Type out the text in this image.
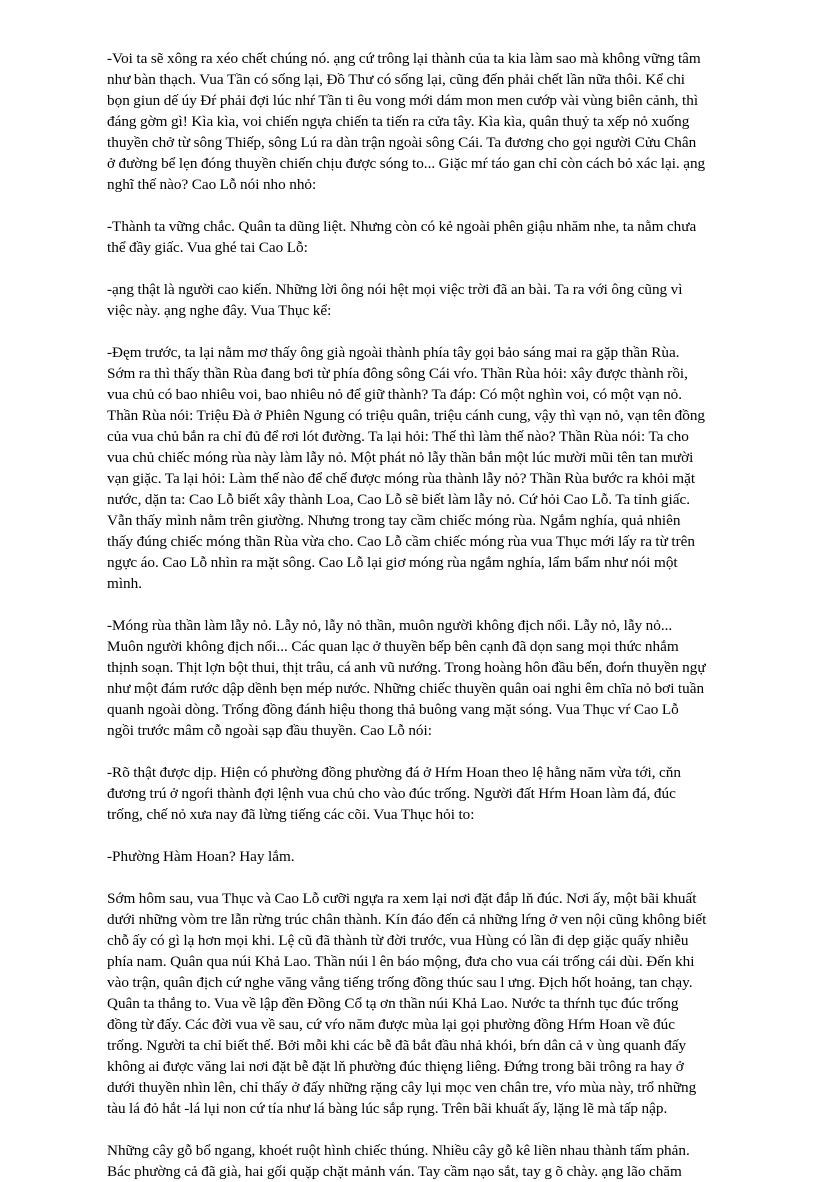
-Voi ta sẽ xông ra xéo chết chúng nó. ạng cứ trông lại thành của ta kia làm sao mà không vững tâm như bàn thạch. Vua Tần có sống lại, Đồ Thư có sống lại, cũng đến phải chết lần nữa thôi. Kể chi bọn giun dế úy Đŕ phải đợi lúc nhŕ Tần ti êu vong mới dám mon men cướp vài vùng biên cảnh, thì đáng gờm gì! Kìa kìa, voi chiến ngựa chiến ta tiến ra cửa tây. Kìa kìa, quân thuỷ ta xếp nỏ xuống thuyền chở từ sông Thiếp, sông Lú ra dàn trận ngoài sông Cái. Ta đương cho gọi người Cửu Chân ở đường bể lẹn đóng thuyền chiến chịu được sóng to... Giặc mŕ táo gan chỉ còn cách bỏ xác lại. ạng nghĩ thế nào? Cao Lỗ nói nho nhỏ:

-Thành ta vững chắc. Quân ta dũng liệt. Nhưng còn có kẻ ngoài phên giậu nhăm nhe, ta nằm chưa thể đầy giấc. Vua ghé tai Cao Lỗ:

-ạng thật là người cao kiến. Những lời ông nói hệt mọi việc trời đã an bài. Ta ra với ông cũng vì việc này. ạng nghe đây. Vua Thục kể:

-Đęm trước, ta lại nằm mơ thấy ông già ngoài thành phía tây gọi bảo sáng mai ra gặp thần Rùa. Sớm ra thì thấy thần Rùa đang bơi từ phía đông sông Cái vŕo. Thần Rùa hỏi: xây được thành rồi, vua chủ có bao nhiêu voi, bao nhiêu nỏ để giữ thành? Ta đáp: Có một nghìn voi, có một vạn nỏ. Thần Rùa nói: Triệu Đà ở Phiên Ngung có triệu quân, triệu cánh cung, vậy thì vạn nỏ, vạn tên đồng của vua chủ bắn ra chỉ đủ để rơi lót đường. Ta lại hỏi: Thế thì làm thế nào? Thần Rùa nói: Ta cho vua chủ chiếc móng rùa này làm lẫy nỏ. Một phát nỏ lẫy thần bắn một lúc mười mũi tên tan mười vạn giặc. Ta lại hỏi: Làm thế nào để chế được móng rùa thành lẫy nỏ? Thần Rùa bước ra khỏi mặt nước, dặn ta: Cao Lỗ biết xây thành Loa, Cao Lỗ sẽ biết làm lẫy nỏ. Cứ hỏi Cao Lỗ. Ta tỉnh giấc. Vẫn thấy mình nằm trên giường. Nhưng trong tay cầm chiếc móng rùa. Ngắm nghía, quả nhiên thấy đúng chiếc móng thần Rùa vừa cho. Cao Lỗ cầm chiếc móng rùa vua Thục mới lấy ra từ trên ngực áo. Cao Lỗ nhìn ra mặt sông. Cao Lỗ lại giơ móng rùa ngắm nghía, lẩm bẩm như nói một mình.

-Móng rùa thần làm lẫy nỏ. Lẫy nỏ, lẫy nỏ thần, muôn người không địch nổi. Lẫy nỏ, lẫy nỏ... Muôn người không địch nổi... Các quan lạc ở thuyền bếp bên cạnh đã dọn sang mọi thức nhắm thịnh soạn. Thịt lợn bột thui, thịt trâu, cá anh vũ nướng. Trong hoàng hôn đầu bến, đoŕn thuyền ngự như một đám rước dập dềnh bẹn mép nước. Những chiếc thuyền quân oai nghi êm chĩa nỏ bơi tuần quanh ngoài dòng. Trống đồng đánh hiệu thong thả buông vang mặt sóng. Vua Thục vŕ Cao Lỗ ngồi trước mâm cỗ ngoài sạp đầu thuyền. Cao Lỗ nói:

-Rõ thật được dịp. Hiện có phường đồng phường đá ở Hŕm Hoan theo lệ hằng năm vừa tới, cňn đương trú ở ngoŕi thành đợi lệnh vua chủ cho vào đúc trống. Người đất Hŕm Hoan làm đá, đúc trống, chế nỏ xưa nay đã lừng tiếng các cõi. Vua Thục hỏi to:

-Phường Hàm Hoan? Hay lắm.

Sớm hôm sau, vua Thục và Cao Lỗ cưỡi ngựa ra xem lại nơi đặt đắp lň đúc. Nơi ấy, một bãi khuất dưới những vòm tre lẫn rừng trúc chân thành. Kín đáo đến cả những lŕng ở ven nội cũng không biết chỗ ấy có gì lạ hơn mọi khi. Lệ cũ đã thành từ đời trước, vua Hùng có lần đi dẹp giặc quấy nhiễu phía nam. Quân qua núi Khả Lao. Thần núi l ên báo mộng, đưa cho vua cái trống cái dùi. Đến khi vào trận, quân địch cứ nghe văng vẳng tiếng trống đồng thúc sau l ưng. Địch hốt hoảng, tan chạy. Quân ta thắng to. Vua về lập đền Đồng Cổ tạ ơn thần núi Khả Lao. Nước ta thŕnh tục đúc trống đồng từ đấy. Các đời vua về sau, cứ vŕo năm được mùa lại gọi phường đồng Hŕm Hoan về đúc trống. Người ta chỉ biết thế. Bởi mỗi khi các bễ đã bắt đầu nhả khói, bŕn dân cả v ùng quanh đấy không ai được văng lai nơi đặt bễ đặt lň phường đúc thięng liêng. Đứng trong bãi trông ra hay ở dưới thuyền nhìn lên, chỉ thấy ở đấy những rặng cây lụi mọc ven chân tre, vŕo mùa này, trổ những tàu lá đỏ hắt -lá lụi non cứ tía như lá bàng lúc sắp rụng. Trên bãi khuất ấy, lặng lẽ mà tấp nập.

Những cây gỗ bổ ngang, khoét ruột hình chiếc thúng. Nhiều cây gỗ kê liền nhau thành tấm phản. Bác phường cả đã già, hai gối quặp chặt mảnh ván. Tay cầm nạo sắt, tay g õ chày. ạng lão chăm
